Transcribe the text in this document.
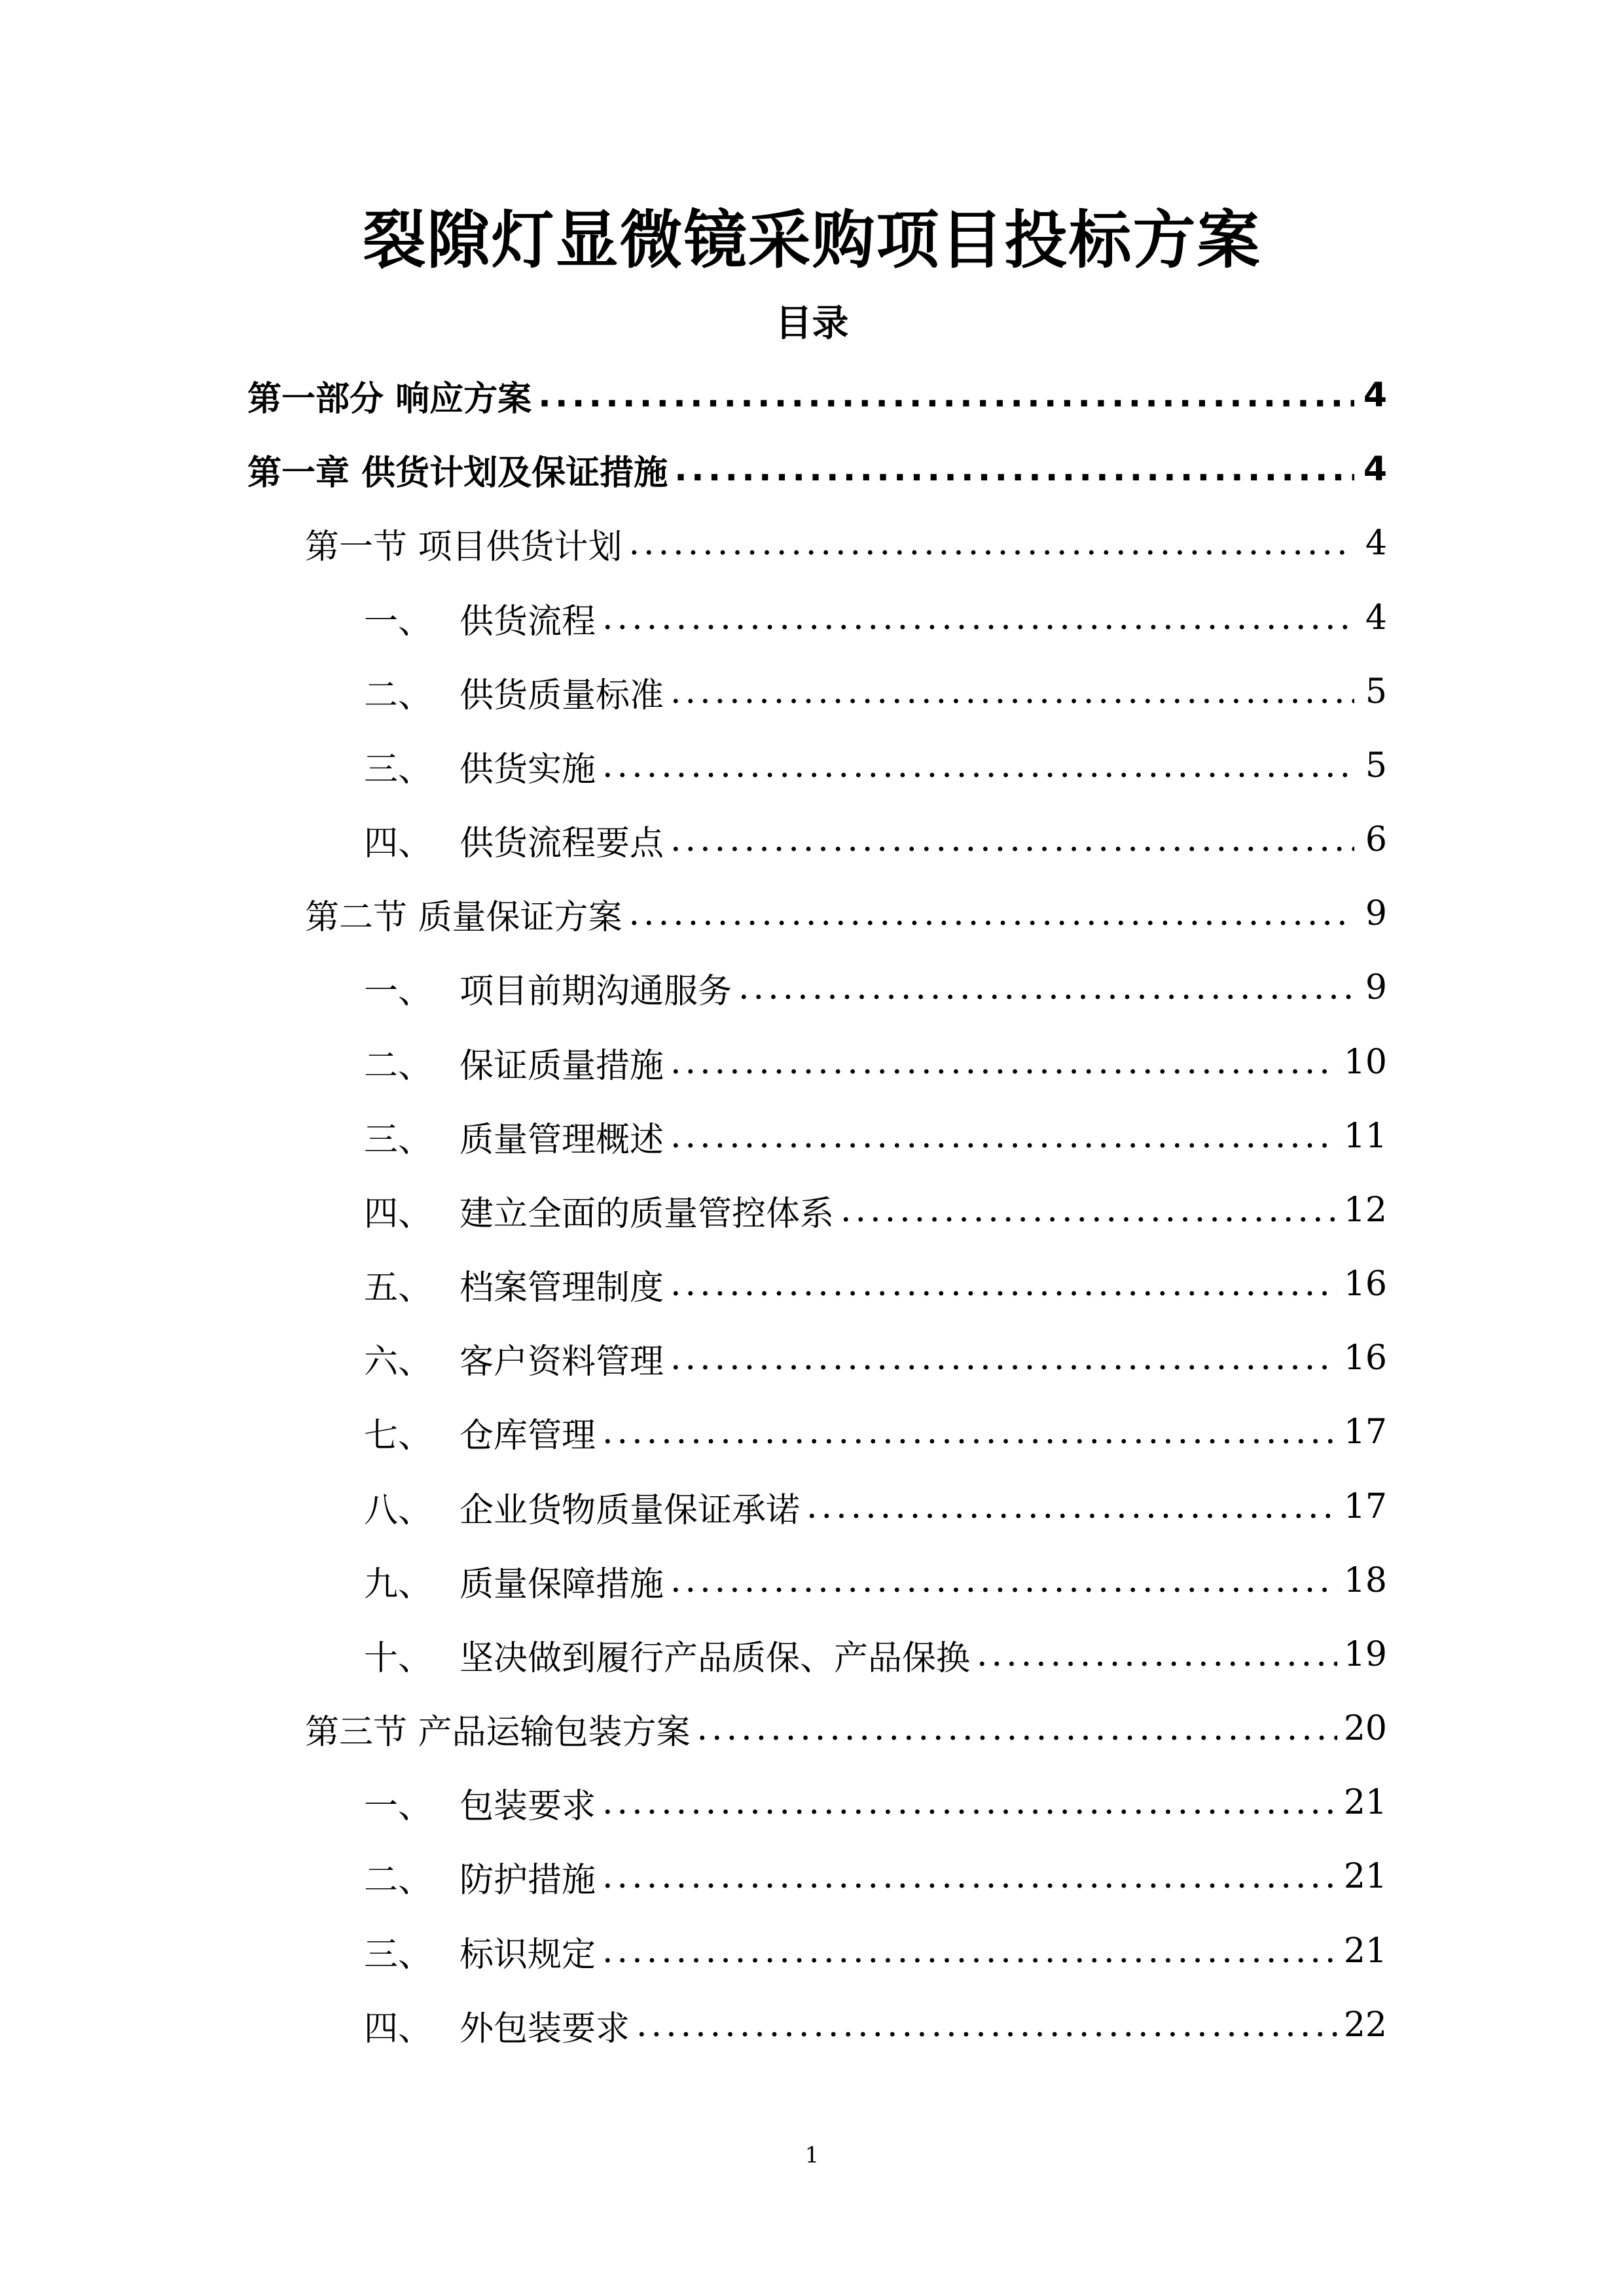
裂隙灯显微镜采购项目投标方案
目录
第一部分 响应方案 .....	4
第一章 供货计划及保证措施 .....	4
第一节 项目供货计划 .....	4
一、 供货流程 .....	4
二、 供货质量标准 .....	5
三、 供货实施 .....	5
四、 供货流程要点 .....	6
第二节 质量保证方案 .....	9
一、 项目前期沟通服务 .....	9
二、 保证质量措施 .....	10
三、 质量管理概述 .....	11
四、 建立全面的质量管控体系 .....	12
五、 档案管理制度 .....	16
六、 客户资料管理 .....	16
七、 仓库管理 .....	17
八、 企业货物质量保证承诺 .....	17
九、 质量保障措施 .....	18
十、 坚决做到履行产品质保、产品保换 .....	19
第三节 产品运输包装方案 .....	20
一、 包装要求 .....	21
二、 防护措施 .....	21
三、 标识规定 .....	21
四、 外包装要求 .....	22
1
